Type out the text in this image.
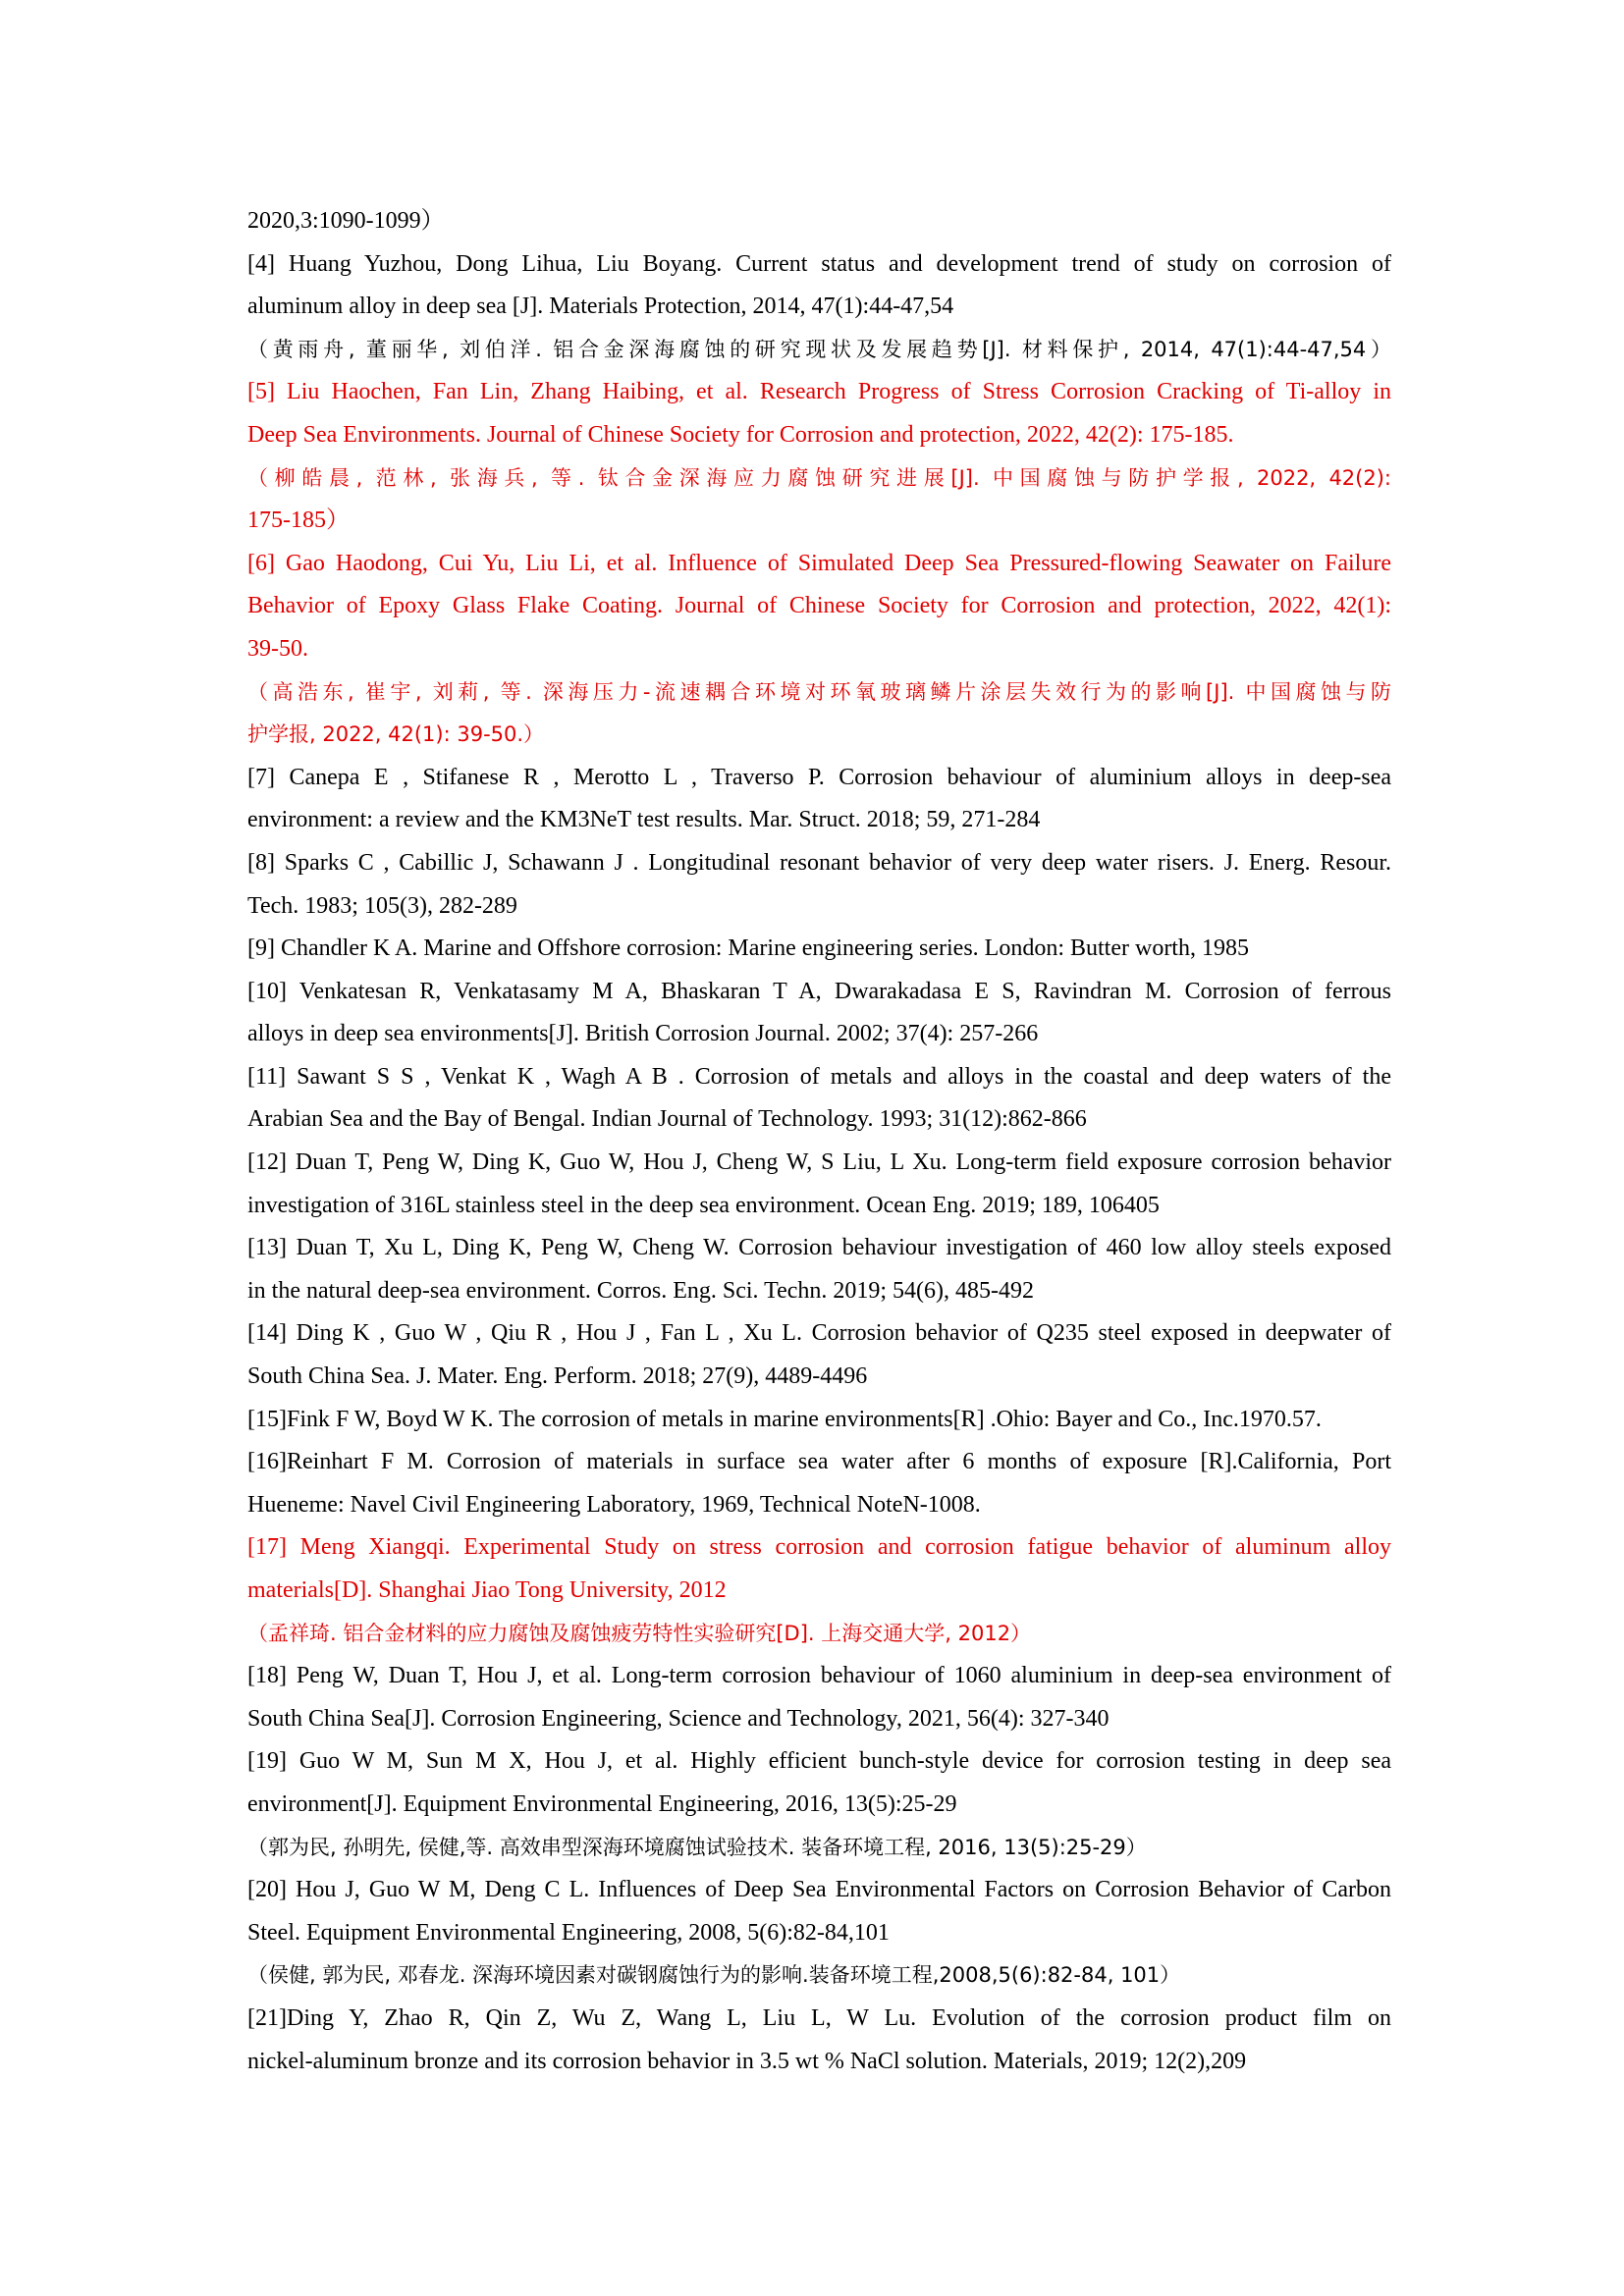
2020,3:1090-1099）
[4] Huang Yuzhou, Dong Lihua, Liu Boyang. Current status and development trend of study on corrosion of
aluminum alloy in deep sea [J]. Materials Protection, 2014, 47(1):44-47,54
（黄雨舟, 董丽华, 刘伯洋. 铝合金深海腐蚀的研究现状及发展趋势[J]. 材料保护, 2014, 47(1):44-47,54）
[5] Liu Haochen, Fan Lin, Zhang Haibing, et al. Research Progress of Stress Corrosion Cracking of Ti-alloy in
Deep Sea Environments. Journal of Chinese Society for Corrosion and protection, 2022, 42(2): 175-185.
（柳皓晨, 范林, 张海兵, 等. 钛合金深海应力腐蚀研究进展[J]. 中国腐蚀与防护学报, 2022, 42(2):
175-185）
[6] Gao Haodong, Cui Yu, Liu Li, et al. Influence of Simulated Deep Sea Pressured-flowing Seawater on Failure
Behavior of Epoxy Glass Flake Coating. Journal of Chinese Society for Corrosion and protection, 2022, 42(1):
39-50.
（高浩东, 崔宇, 刘莉, 等. 深海压力-流速耦合环境对环氧玻璃鳞片涂层失效行为的影响[J]. 中国腐蚀与防
护学报, 2022, 42(1): 39-50.）
[7] Canepa E , Stifanese R , Merotto L , Traverso P. Corrosion behaviour of aluminium alloys in deep-sea
environment: a review and the KM3NeT test results. Mar. Struct. 2018; 59, 271-284
[8] Sparks C , Cabillic J, Schawann J . Longitudinal resonant behavior of very deep water risers. J. Energ. Resour.
Tech. 1983; 105(3), 282-289
[9] Chandler K A. Marine and Offshore corrosion: Marine engineering series. London: Butter worth, 1985
[10] Venkatesan R, Venkatasamy M A, Bhaskaran T A, Dwarakadasa E S, Ravindran M. Corrosion of ferrous
alloys in deep sea environments[J]. British Corrosion Journal. 2002; 37(4): 257-266
[11] Sawant S S , Venkat K , Wagh A B . Corrosion of metals and alloys in the coastal and deep waters of the
Arabian Sea and the Bay of Bengal. Indian Journal of Technology. 1993; 31(12):862-866
[12] Duan T, Peng W, Ding K, Guo W, Hou J, Cheng W, S Liu, L Xu. Long-term field exposure corrosion behavior
investigation of 316L stainless steel in the deep sea environment. Ocean Eng. 2019; 189, 106405
[13] Duan T, Xu L, Ding K, Peng W, Cheng W. Corrosion behaviour investigation of 460 low alloy steels exposed
in the natural deep-sea environment. Corros. Eng. Sci. Techn. 2019; 54(6), 485-492
[14] Ding K , Guo W , Qiu R , Hou J , Fan L , Xu L. Corrosion behavior of Q235 steel exposed in deepwater of
South China Sea. J. Mater. Eng. Perform. 2018; 27(9), 4489-4496
[15]Fink F W, Boyd W K. The corrosion of metals in marine environments[R] .Ohio: Bayer and Co., Inc.1970.57.
[16]Reinhart F M. Corrosion of materials in surface sea water after 6 months of exposure [R].California, Port
Hueneme: Navel Civil Engineering Laboratory, 1969, Technical NoteN-1008.
[17] Meng Xiangqi. Experimental Study on stress corrosion and corrosion fatigue behavior of aluminum alloy
materials[D]. Shanghai Jiao Tong University, 2012
（孟祥琦. 铝合金材料的应力腐蚀及腐蚀疲劳特性实验研究[D]. 上海交通大学, 2012）
[18] Peng W, Duan T, Hou J, et al. Long-term corrosion behaviour of 1060 aluminium in deep-sea environment of
South China Sea[J]. Corrosion Engineering, Science and Technology, 2021, 56(4): 327-340
[19] Guo W M, Sun M X, Hou J, et al. Highly efficient bunch-style device for corrosion testing in deep sea
environment[J]. Equipment Environmental Engineering, 2016, 13(5):25-29
（郭为民, 孙明先, 侯健,等. 高效串型深海环境腐蚀试验技术. 装备环境工程, 2016, 13(5):25-29）
[20] Hou J, Guo W M, Deng C L. Influences of Deep Sea Environmental Factors on Corrosion Behavior of Carbon
Steel. Equipment Environmental Engineering, 2008, 5(6):82-84,101
（侯健, 郭为民, 邓春龙. 深海环境因素对碳钢腐蚀行为的影响.装备环境工程,2008,5(6):82-84, 101）
[21]Ding Y, Zhao R, Qin Z, Wu Z, Wang L, Liu L, W Lu. Evolution of the corrosion product film on
nickel-aluminum bronze and its corrosion behavior in 3.5 wt % NaCl solution. Materials, 2019; 12(2),209
